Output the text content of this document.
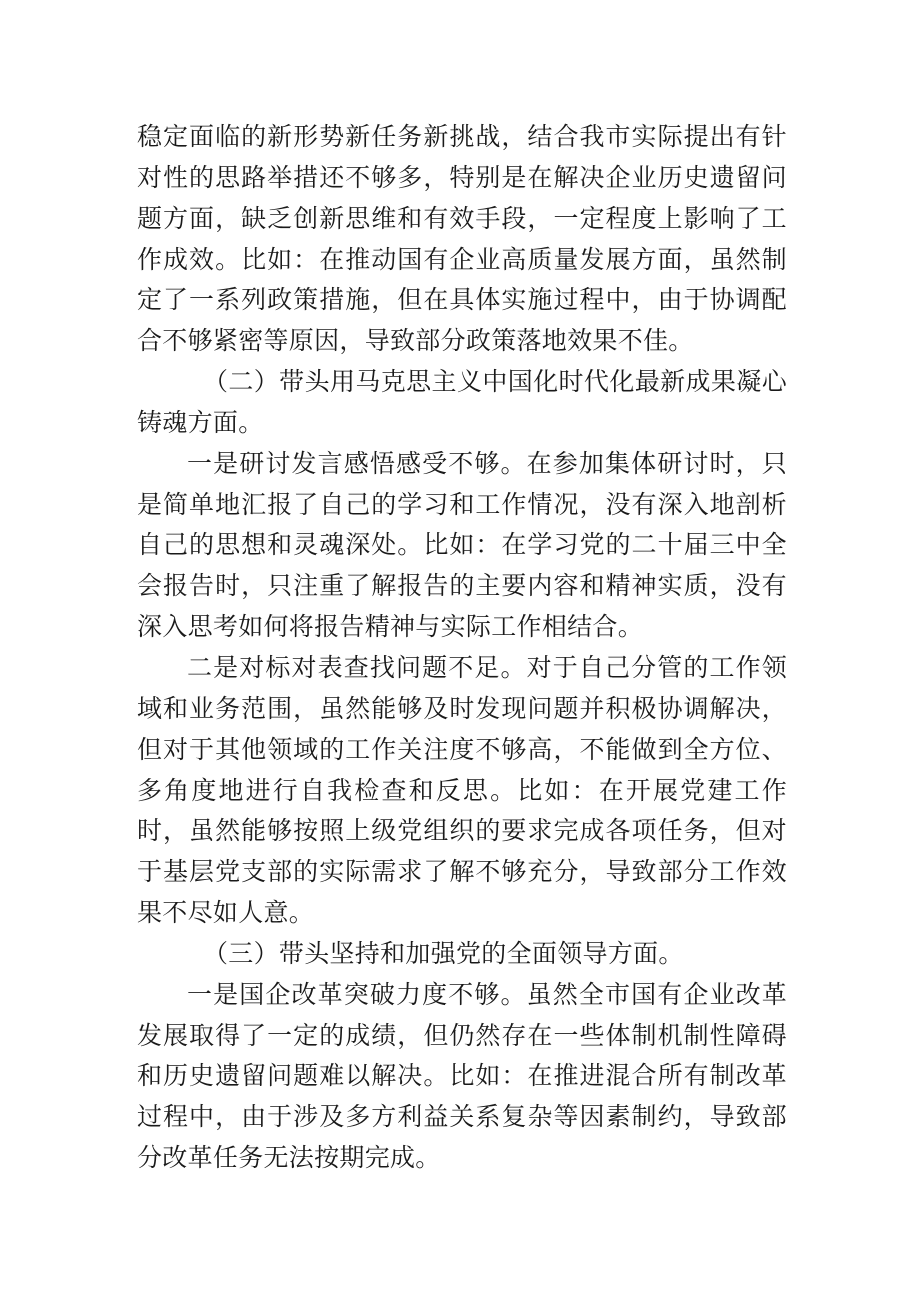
稳定面临的新形势新任务新挑战，结合我市实际提出有针对性的思路举措还不够多，特别是在解决企业历史遗留问题方面，缺乏创新思维和有效手段，一定程度上影响了工作成效。比如：在推动国有企业高质量发展方面，虽然制定了一系列政策措施，但在具体实施过程中，由于协调配合不够紧密等原因，导致部分政策落地效果不佳。

（二）带头用马克思主义中国化时代化最新成果凝心铸魂方面。

一是研讨发言感悟感受不够。在参加集体研讨时，只是简单地汇报了自己的学习和工作情况，没有深入地剖析自己的思想和灵魂深处。比如：在学习党的二十届三中全会报告时，只注重了解报告的主要内容和精神实质，没有深入思考如何将报告精神与实际工作相结合。

二是对标对表查找问题不足。对于自己分管的工作领域和业务范围，虽然能够及时发现问题并积极协调解决，但对于其他领域的工作关注度不够高，不能做到全方位、多角度地进行自我检查和反思。比如：在开展党建工作时，虽然能够按照上级党组织的要求完成各项任务，但对于基层党支部的实际需求了解不够充分，导致部分工作效果不尽如人意。

（三）带头坚持和加强党的全面领导方面。

一是国企改革突破力度不够。虽然全市国有企业改革发展取得了一定的成绩，但仍然存在一些体制机制性障碍和历史遗留问题难以解决。比如：在推进混合所有制改革过程中，由于涉及多方利益关系复杂等因素制约，导致部分改革任务无法按期完成。
